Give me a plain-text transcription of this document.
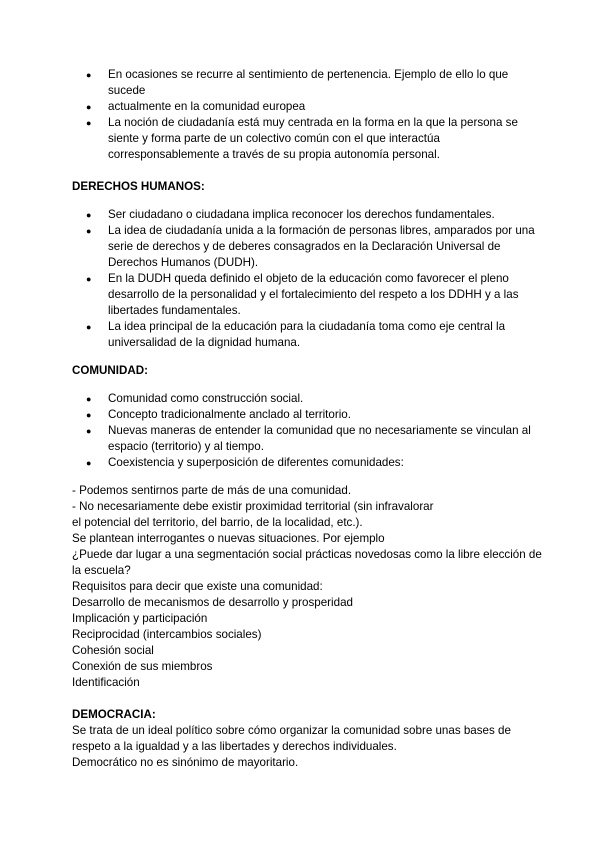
● En ocasiones se recurre al sentimiento de pertenencia. Ejemplo de ello lo que sucede
● actualmente en la comunidad europea
● La noción de ciudadanía está muy centrada en la forma en la que la persona se siente y forma parte de un colectivo común con el que interactúa corresponsablemente a través de su propia autonomía personal.

DERECHOS HUMANOS:

● Ser ciudadano o ciudadana implica reconocer los derechos fundamentales.
● La idea de ciudadanía unida a la formación de personas libres, amparados por una serie de derechos y de deberes consagrados en la Declaración Universal de Derechos Humanos (DUDH).
● En la DUDH queda definido el objeto de la educación como favorecer el pleno desarrollo de la personalidad y el fortalecimiento del respeto a los DDHH y a las libertades fundamentales.
● La idea principal de la educación para la ciudadanía toma como eje central la universalidad de la dignidad humana.

COMUNIDAD:

● Comunidad como construcción social.
● Concepto tradicionalmente anclado al territorio.
● Nuevas maneras de entender la comunidad que no necesariamente se vinculan al espacio (territorio) y al tiempo.
● Coexistencia y superposición de diferentes comunidades:

- Podemos sentirnos parte de más de una comunidad.

- No necesariamente debe existir proximidad territorial (sin infravalorar

el potencial del territorio, del barrio, de la localidad, etc.).

Se plantean interrogantes o nuevas situaciones. Por ejemplo

¿Puede dar lugar a una segmentación social prácticas novedosas como la libre elección de la escuela?

Requisitos para decir que existe una comunidad:

Desarrollo de mecanismos de desarrollo y prosperidad

Implicación y participación

Reciprocidad (intercambios sociales)

Cohesión social

Conexión de sus miembros

Identificación

DEMOCRACIA:

Se trata de un ideal político sobre cómo organizar la comunidad sobre unas bases de respeto a la igualdad y a las libertades y derechos individuales.

Democrático no es sinónimo de mayoritario.
